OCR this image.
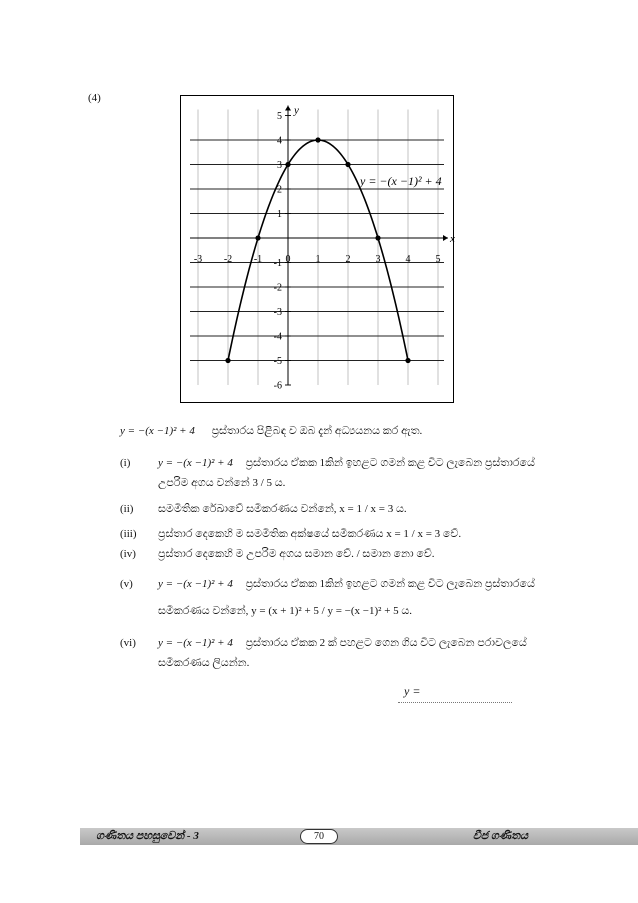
(4)
-3 -2 -1 0	1	2	3	4	5
5
4
3
2
1
-1
-2
-3
-4
-5
-6
x
y
y = −(x −1)² + 4
y = −(x −1)² + 4 ප්‍රස්තාරය පිළිබඳ ව ඔබ දැන් අධ්‍යයනය කර ඇත.
(i)	y = −(x −1)² + 4 ප්‍රස්තාරය ඒකක 1කින් ඉහළට ගමන් කළ විට ලැබෙන ප්‍රස්තාරයේ
උපරිම අගය වන්නේ 3 / 5 ය.
(ii) සමමිතික රේඛාවේ සමීකරණය වන්නේ, x = 1 / x = 3 ය.
(iii) ප්‍රස්තාර දෙකෙහි ම සමමිතික අක්ෂයේ සමීකරණය x = 1 / x = 3 වේ.
(iv) ප්‍රස්තාර දෙකෙහි ම උපරිම අගය සමාන වේ. / සමාන නො වේ.
(v) y = −(x −1)² + 4 ප්‍රස්තාරය ඒකක 1කින් ඉහළට ගමන් කළ විට ලැබෙන ප්‍රස්තාරයේ
සමීකරණය වන්නේ, y = (x + 1)² + 5 / y = −(x −1)² + 5 ය.
(vi) y = −(x −1)² + 4 ප්‍රස්තාරය ඒකක 2 ක් පහළට ගෙන ගිය විට ලැබෙන පරාවලයේ
සමීකරණය ලියන්න.
y =
ගණිතය පහසුවෙන් - 3	70	වීජ ගණිතය
